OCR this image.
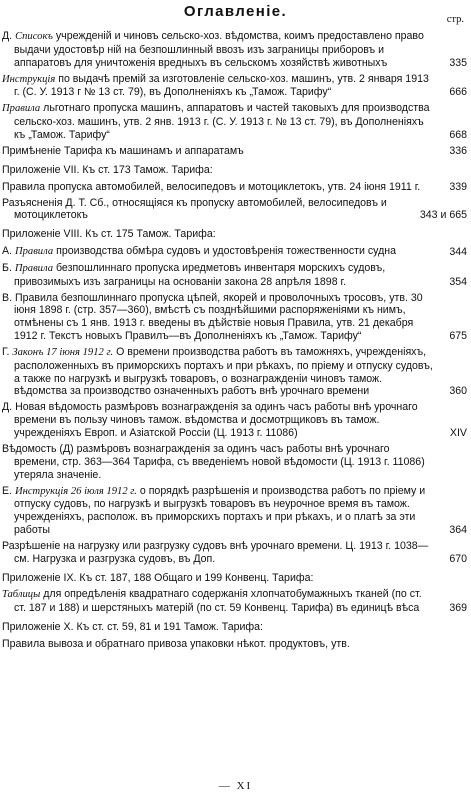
Оглавленie.	стр.
Д. Списокъ учрежденій и чиновъ сельско-хоз. вѣдомства, коимъ предоставлено право выдачи удостовѣр ній на безпошлинный ввозъ изъ заграницы приборовъ и аппаратовъ для уничтоженія вредныхъ въ сельскомъ хозяйствѣ животныхъ	335
Инструкція по выдачѣ премій за изготовленіе сельско-хоз. машинъ, утв. 2 января 1913 г. (С. У. 1913 г № 13 ст. 79), въ Дополненіяхъ къ „Тамож. Тарифу“	666
Правила льготнаго пропуска машинъ, аппаратовъ и частей таковыхъ для производства сельско-хоз. машинъ, утв. 2 янв. 1913 г. (С. У. 1913 г. № 13 ст. 79), въ Дополненіяхъ къ „Тамож. Тарифу“	668
Примѣненіе Тарифа къ машинамъ и аппаратамъ	336
Приложеніе VII. Къ ст. 173 Тамож. Тарифа:
Правила пропуска автомобилей, велосипедовъ и мотоциклетокъ, утв. 24 іюня 1911 г.	339
Разъясненія Д. Т. Сб., относящіяся къ пропуску автомобилей, велосипедовъ и мотоциклетокъ	343 и 665
Приложеніе VIII. Къ ст. 175 Тамож. Тарифа:
А. Правила производства обмѣра судовъ и удостовѣренія тожественности судна	344
Б. Правила безпошлиннаго пропуска иредметовъ инвентаря морскихъ судовъ, привозимыхъ изъ заграницы на основаніи закона 28 апрѣля 1898 г.	354
В. Правила безпошлиннаго пропуска цѣпей, якорей и проволочныхъ тросовъ, утв. 30 іюня 1898 г. (стр. 357—360), вмѣстѣ съ позднѣйшими распоряженіями къ нимъ, отмѣнены съ 1 янв. 1913 г. введены въ дѣйствіе новыя Правила, утв. 21 декабря 1912 г. Текстъ новыхъ Правилъ—въ Дополненіяхъ къ „Тамож. Тарифу“	675
Г. Законъ 17 іюня 1912 г. О времени производства работъ въ таможняхъ, учрежденіяхъ, расположенныхъ въ приморскихъ портахъ и при рѣкахъ, по пріему и отпуску судовъ, а также по нагрузкѣ и выгрузкѣ товаровъ, о вознагражденіи чиновъ тамож. вѣдомства за производство означенныхъ работъ внѣ урочнаго времени	360
Д. Новая вѣдомость размѣровъ вознагражденія за одинъ часъ работы внѣ урочнаго времени въ пользу чиновъ тамож. вѣдомства и досмотрщиковъ въ тамож. учрежденіяхъ Европ. и Азіатской Россіи (Ц. 1913 г. 11086)	XIV
Вѣдомость (Д) размѣровъ вознагражденія за одинъ часъ работы внѣ урочнаго времени, стр. 363—364 Тарифа, съ введеніемъ новой вѣдомости (Ц. 1913 г. 11086) утеряла значеніе.
Е. Инструкція 26 іюля 1912 г. о порядкѣ разрѣшенія и производства работъ по пріему и отпуску судовъ, по нагрузкѣ и выгрузкѣ товаровъ въ неурочное время въ тамож. учрежденіяхъ, располож. въ приморскихъ портахъ и при рѣкахъ, и о платѣ за эти работы	364
Разрѣшеніе на нагрузку или разгрузку судовъ внѣ урочнаго времени. Ц. 1913 г. 1038—см. Нагрузка и разгрузка судовъ, въ Доп.	670
Приложеніе IX. Къ ст. 187, 188 Общаго и 199 Конвенц. Тарифа:
Таблицы для опредѣленія квадратнаго содержанія хлопчатобумажныхъ тканей (по ст. ст. 187 и 188) и шерстяныхъ матерій (по ст. 59 Конвенц. Тарифа) въ единицѣ вѣса	369
Приложеніе X. Къ ст. ст. 59, 81 и 191 Тамож. Тарифа:
Правила вывоза и обратнаго привоза упаковки нѣкот. продуктовъ, утв.
— XI
